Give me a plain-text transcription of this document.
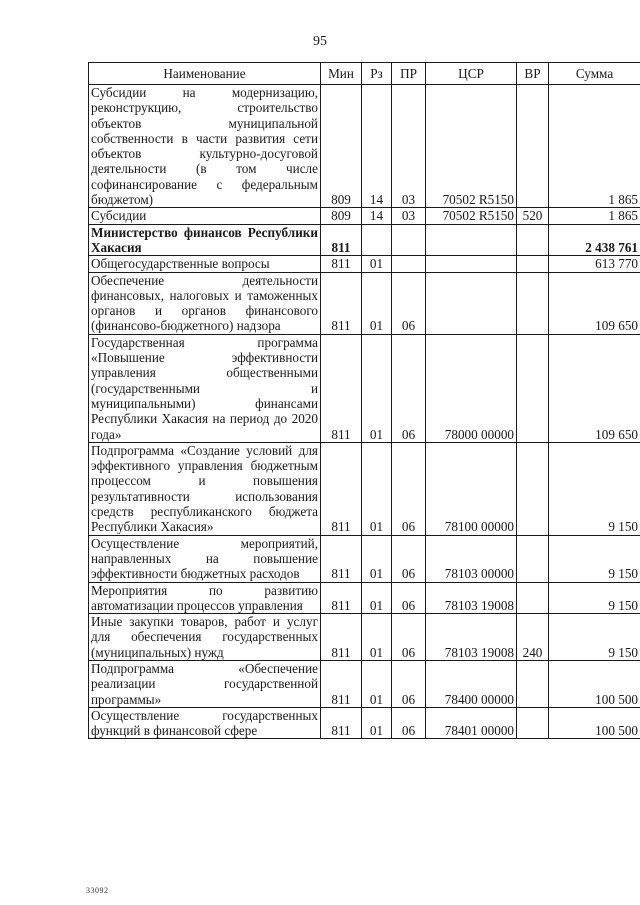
95
Наименование	Мин	Рз	ПР	ЦСР	ВР	Сумма
Субсидии на модернизацию, реконструкцию, строительство объектов муниципальной собственности в части развития сети объектов культурно-досуговой деятельности (в том числе софинансирование с федеральным бюджетом)	809	14	03	70502 R5150		1 865
Субсидии	809	14	03	70502 R5150	520	1 865
Министерство финансов Республики Хакасия	811					2 438 761
Общегосударственные вопросы	811	01				613 770
Обеспечение деятельности финансовых, налоговых и таможенных органов и органов финансового (финансово-бюджетного) надзора	811	01	06			109 650
Государственная программа «Повышение эффективности управления общественными (государственными и муниципальными) финансами Республики Хакасия на период до 2020 года»	811	01	06	78000 00000		109 650
Подпрограмма «Создание условий для эффективного управления бюджетным процессом и повышения результативности использования средств республиканского бюджета Республики Хакасия»	811	01	06	78100 00000		9 150
Осуществление мероприятий, направленных на повышение эффективности бюджетных расходов	811	01	06	78103 00000		9 150
Мероприятия по развитию автоматизации процессов управления	811	01	06	78103 19008		9 150
Иные закупки товаров, работ и услуг для обеспечения государственных (муниципальных) нужд	811	01	06	78103 19008	240	9 150
Подпрограмма «Обеспечение реализации государственной программы»	811	01	06	78400 00000		100 500
Осуществление государственных функций в финансовой сфере	811	01	06	78401 00000		100 500
33092
